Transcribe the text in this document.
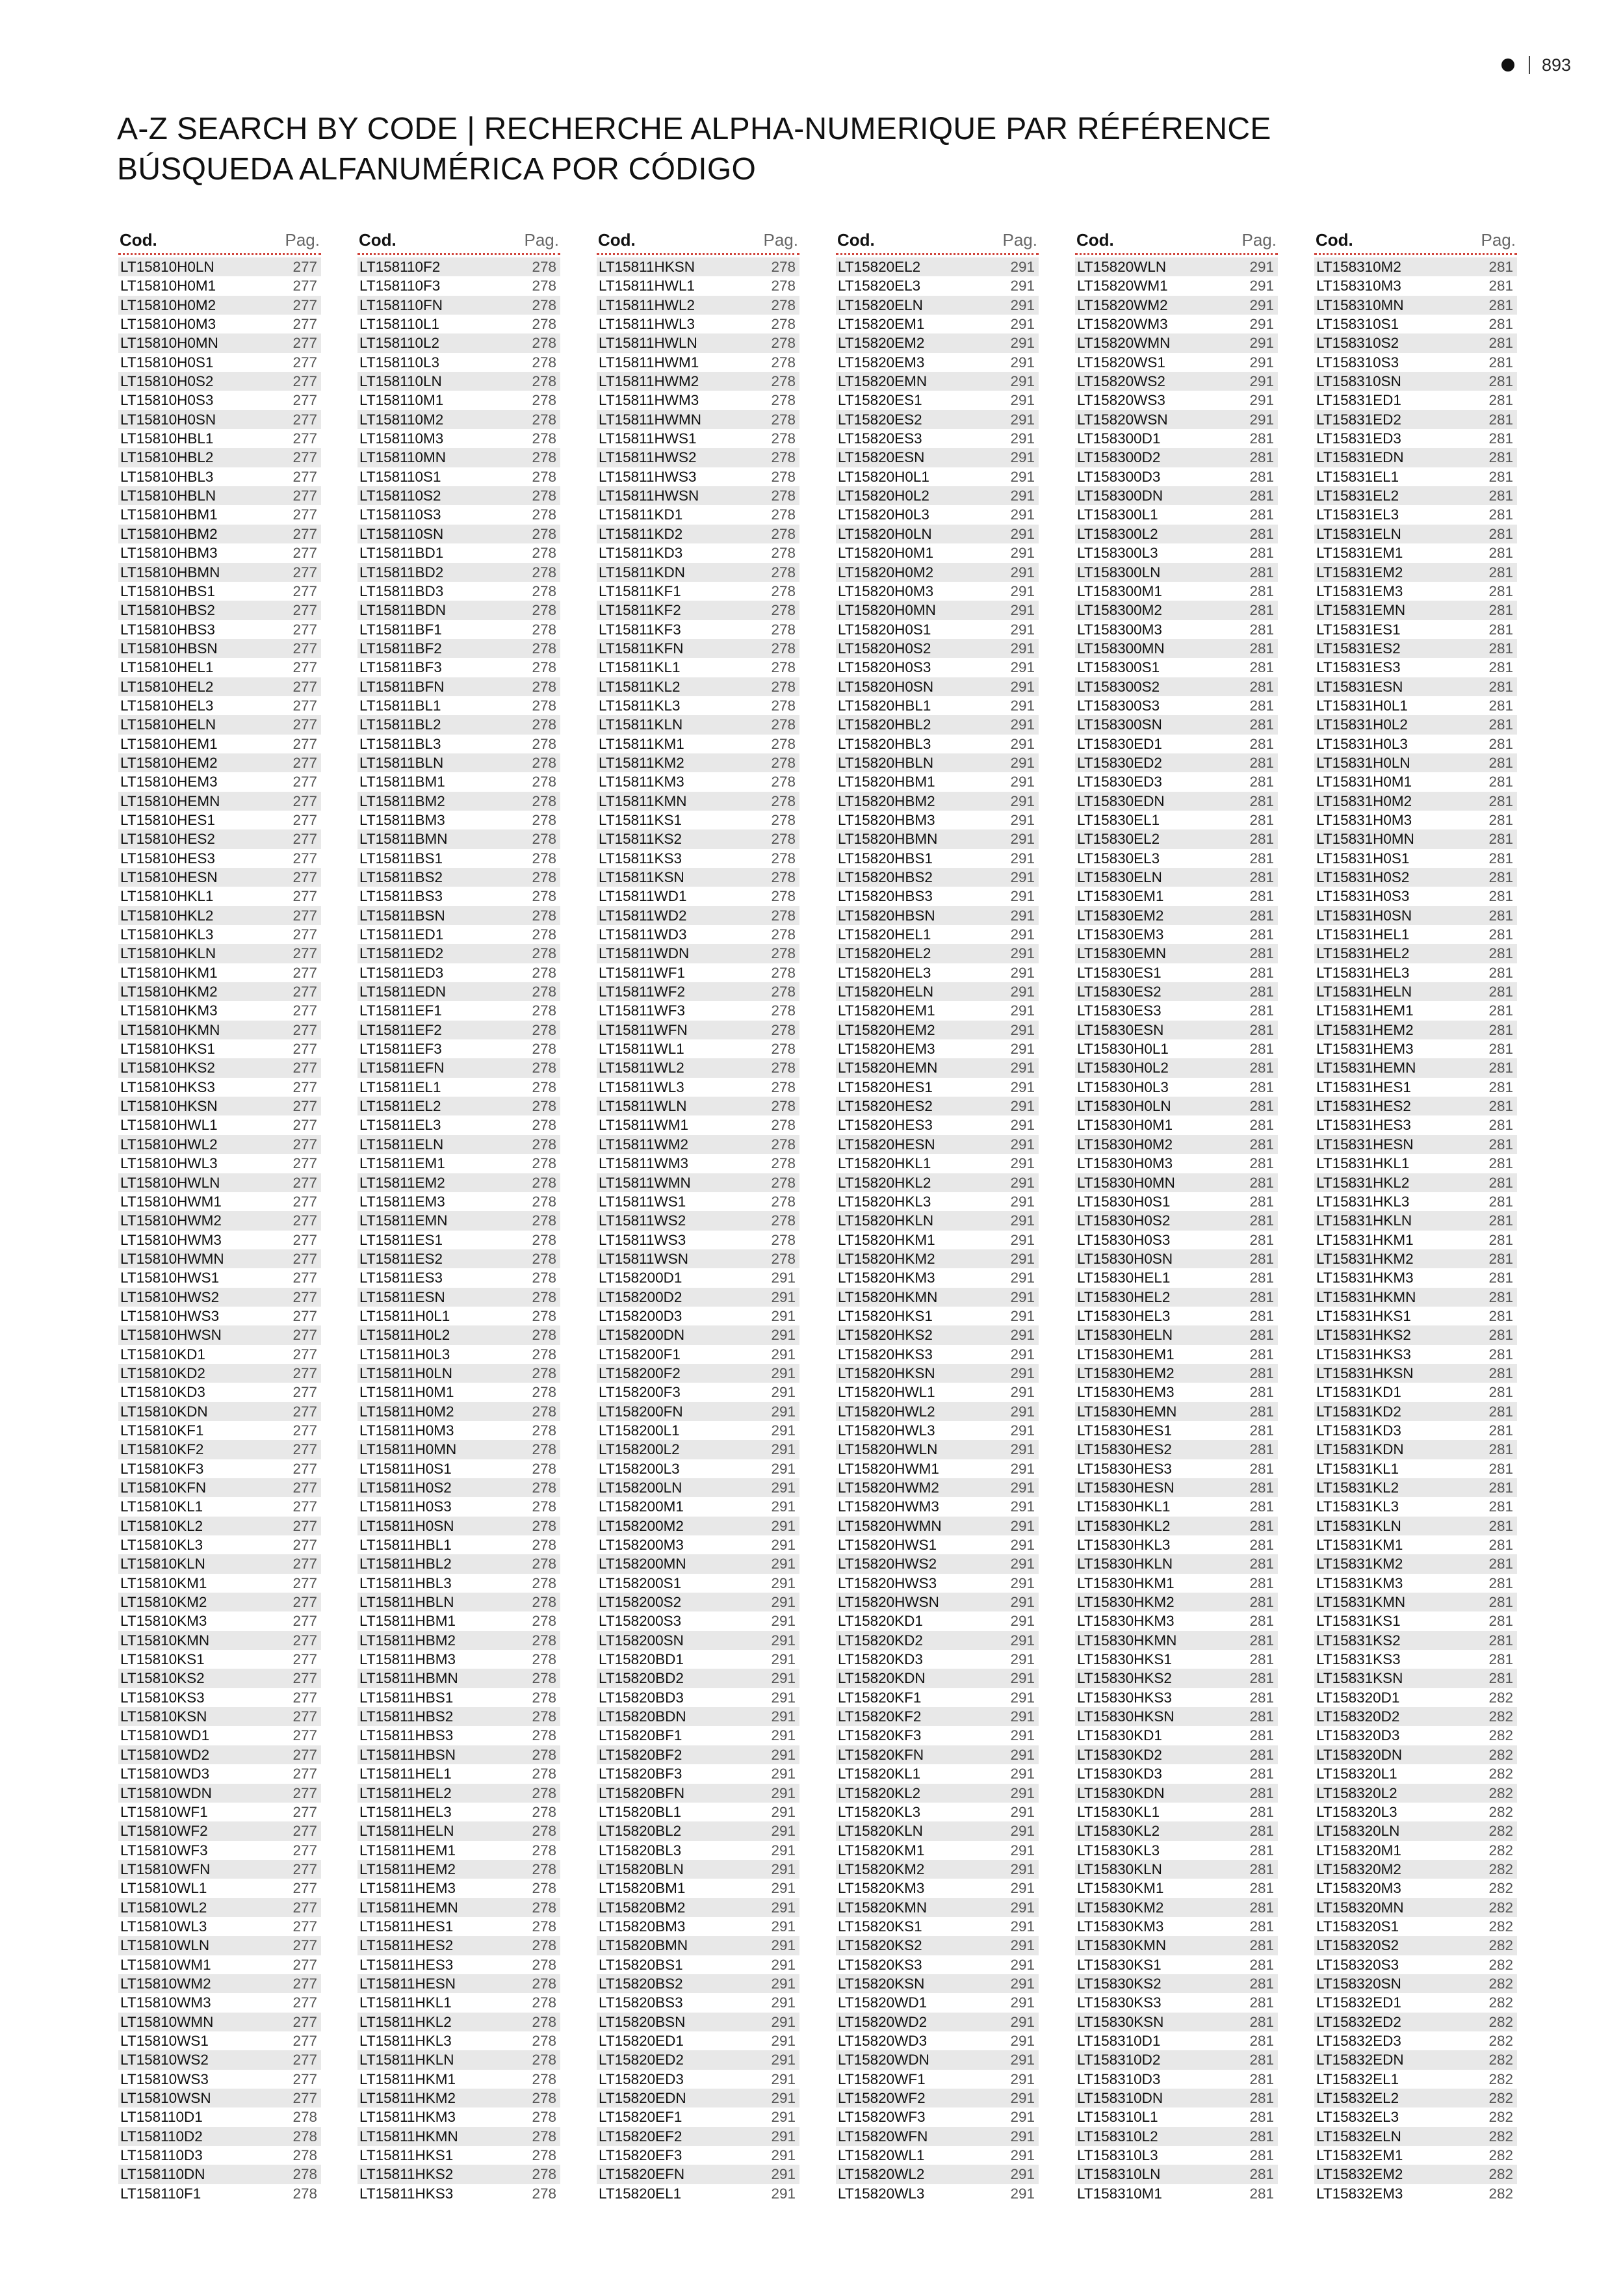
893
A-Z SEARCH BY CODE | RECHERCHE ALPHA-NUMERIQUE PAR RÉFÉRENCE
BÚSQUEDA ALFANUMÉRICA POR CÓDIGO
Cod.	Pag.
LT15810H0LN	277
LT15810H0M1	277
LT15810H0M2	277
LT15810H0M3	277
LT15810H0MN	277
LT15810H0S1	277
LT15810H0S2	277
LT15810H0S3	277
LT15810H0SN	277
LT15810HBL1	277
LT15810HBL2	277
LT15810HBL3	277
LT15810HBLN	277
LT15810HBM1	277
LT15810HBM2	277
LT15810HBM3	277
LT15810HBMN	277
LT15810HBS1	277
LT15810HBS2	277
LT15810HBS3	277
LT15810HBSN	277
LT15810HEL1	277
LT15810HEL2	277
LT15810HEL3	277
LT15810HELN	277
LT15810HEM1	277
LT15810HEM2	277
LT15810HEM3	277
LT15810HEMN	277
LT15810HES1	277
LT15810HES2	277
LT15810HES3	277
LT15810HESN	277
LT15810HKL1	277
LT15810HKL2	277
LT15810HKL3	277
LT15810HKLN	277
LT15810HKM1	277
LT15810HKM2	277
LT15810HKM3	277
LT15810HKMN	277
LT15810HKS1	277
LT15810HKS2	277
LT15810HKS3	277
LT15810HKSN	277
LT15810HWL1	277
LT15810HWL2	277
LT15810HWL3	277
LT15810HWLN	277
LT15810HWM1	277
LT15810HWM2	277
LT15810HWM3	277
LT15810HWMN	277
LT15810HWS1	277
LT15810HWS2	277
LT15810HWS3	277
LT15810HWSN	277
LT15810KD1	277
LT15810KD2	277
LT15810KD3	277
LT15810KDN	277
LT15810KF1	277
LT15810KF2	277
LT15810KF3	277
LT15810KFN	277
LT15810KL1	277
LT15810KL2	277
LT15810KL3	277
LT15810KLN	277
LT15810KM1	277
LT15810KM2	277
LT15810KM3	277
LT15810KMN	277
LT15810KS1	277
LT15810KS2	277
LT15810KS3	277
LT15810KSN	277
LT15810WD1	277
LT15810WD2	277
LT15810WD3	277
LT15810WDN	277
LT15810WF1	277
LT15810WF2	277
LT15810WF3	277
LT15810WFN	277
LT15810WL1	277
LT15810WL2	277
LT15810WL3	277
LT15810WLN	277
LT15810WM1	277
LT15810WM2	277
LT15810WM3	277
LT15810WMN	277
LT15810WS1	277
LT15810WS2	277
LT15810WS3	277
LT15810WSN	277
LT158110D1	278
LT158110D2	278
LT158110D3	278
LT158110DN	278
LT158110F1	278
Cod.	Pag.
LT158110F2	278
LT158110F3	278
LT158110FN	278
LT158110L1	278
LT158110L2	278
LT158110L3	278
LT158110LN	278
LT158110M1	278
LT158110M2	278
LT158110M3	278
LT158110MN	278
LT158110S1	278
LT158110S2	278
LT158110S3	278
LT158110SN	278
LT15811BD1	278
LT15811BD2	278
LT15811BD3	278
LT15811BDN	278
LT15811BF1	278
LT15811BF2	278
LT15811BF3	278
LT15811BFN	278
LT15811BL1	278
LT15811BL2	278
LT15811BL3	278
LT15811BLN	278
LT15811BM1	278
LT15811BM2	278
LT15811BM3	278
LT15811BMN	278
LT15811BS1	278
LT15811BS2	278
LT15811BS3	278
LT15811BSN	278
LT15811ED1	278
LT15811ED2	278
LT15811ED3	278
LT15811EDN	278
LT15811EF1	278
LT15811EF2	278
LT15811EF3	278
LT15811EFN	278
LT15811EL1	278
LT15811EL2	278
LT15811EL3	278
LT15811ELN	278
LT15811EM1	278
LT15811EM2	278
LT15811EM3	278
LT15811EMN	278
LT15811ES1	278
LT15811ES2	278
LT15811ES3	278
LT15811ESN	278
LT15811H0L1	278
LT15811H0L2	278
LT15811H0L3	278
LT15811H0LN	278
LT15811H0M1	278
LT15811H0M2	278
LT15811H0M3	278
LT15811H0MN	278
LT15811H0S1	278
LT15811H0S2	278
LT15811H0S3	278
LT15811H0SN	278
LT15811HBL1	278
LT15811HBL2	278
LT15811HBL3	278
LT15811HBLN	278
LT15811HBM1	278
LT15811HBM2	278
LT15811HBM3	278
LT15811HBMN	278
LT15811HBS1	278
LT15811HBS2	278
LT15811HBS3	278
LT15811HBSN	278
LT15811HEL1	278
LT15811HEL2	278
LT15811HEL3	278
LT15811HELN	278
LT15811HEM1	278
LT15811HEM2	278
LT15811HEM3	278
LT15811HEMN	278
LT15811HES1	278
LT15811HES2	278
LT15811HES3	278
LT15811HESN	278
LT15811HKL1	278
LT15811HKL2	278
LT15811HKL3	278
LT15811HKLN	278
LT15811HKM1	278
LT15811HKM2	278
LT15811HKM3	278
LT15811HKMN	278
LT15811HKS1	278
LT15811HKS2	278
LT15811HKS3	278
Cod.	Pag.
LT15811HKSN	278
LT15811HWL1	278
LT15811HWL2	278
LT15811HWL3	278
LT15811HWLN	278
LT15811HWM1	278
LT15811HWM2	278
LT15811HWM3	278
LT15811HWMN	278
LT15811HWS1	278
LT15811HWS2	278
LT15811HWS3	278
LT15811HWSN	278
LT15811KD1	278
LT15811KD2	278
LT15811KD3	278
LT15811KDN	278
LT15811KF1	278
LT15811KF2	278
LT15811KF3	278
LT15811KFN	278
LT15811KL1	278
LT15811KL2	278
LT15811KL3	278
LT15811KLN	278
LT15811KM1	278
LT15811KM2	278
LT15811KM3	278
LT15811KMN	278
LT15811KS1	278
LT15811KS2	278
LT15811KS3	278
LT15811KSN	278
LT15811WD1	278
LT15811WD2	278
LT15811WD3	278
LT15811WDN	278
LT15811WF1	278
LT15811WF2	278
LT15811WF3	278
LT15811WFN	278
LT15811WL1	278
LT15811WL2	278
LT15811WL3	278
LT15811WLN	278
LT15811WM1	278
LT15811WM2	278
LT15811WM3	278
LT15811WMN	278
LT15811WS1	278
LT15811WS2	278
LT15811WS3	278
LT15811WSN	278
LT158200D1	291
LT158200D2	291
LT158200D3	291
LT158200DN	291
LT158200F1	291
LT158200F2	291
LT158200F3	291
LT158200FN	291
LT158200L1	291
LT158200L2	291
LT158200L3	291
LT158200LN	291
LT158200M1	291
LT158200M2	291
LT158200M3	291
LT158200MN	291
LT158200S1	291
LT158200S2	291
LT158200S3	291
LT158200SN	291
LT15820BD1	291
LT15820BD2	291
LT15820BD3	291
LT15820BDN	291
LT15820BF1	291
LT15820BF2	291
LT15820BF3	291
LT15820BFN	291
LT15820BL1	291
LT15820BL2	291
LT15820BL3	291
LT15820BLN	291
LT15820BM1	291
LT15820BM2	291
LT15820BM3	291
LT15820BMN	291
LT15820BS1	291
LT15820BS2	291
LT15820BS3	291
LT15820BSN	291
LT15820ED1	291
LT15820ED2	291
LT15820ED3	291
LT15820EDN	291
LT15820EF1	291
LT15820EF2	291
LT15820EF3	291
LT15820EFN	291
LT15820EL1	291
Cod.	Pag.
LT15820EL2	291
LT15820EL3	291
LT15820ELN	291
LT15820EM1	291
LT15820EM2	291
LT15820EM3	291
LT15820EMN	291
LT15820ES1	291
LT15820ES2	291
LT15820ES3	291
LT15820ESN	291
LT15820H0L1	291
LT15820H0L2	291
LT15820H0L3	291
LT15820H0LN	291
LT15820H0M1	291
LT15820H0M2	291
LT15820H0M3	291
LT15820H0MN	291
LT15820H0S1	291
LT15820H0S2	291
LT15820H0S3	291
LT15820H0SN	291
LT15820HBL1	291
LT15820HBL2	291
LT15820HBL3	291
LT15820HBLN	291
LT15820HBM1	291
LT15820HBM2	291
LT15820HBM3	291
LT15820HBMN	291
LT15820HBS1	291
LT15820HBS2	291
LT15820HBS3	291
LT15820HBSN	291
LT15820HEL1	291
LT15820HEL2	291
LT15820HEL3	291
LT15820HELN	291
LT15820HEM1	291
LT15820HEM2	291
LT15820HEM3	291
LT15820HEMN	291
LT15820HES1	291
LT15820HES2	291
LT15820HES3	291
LT15820HESN	291
LT15820HKL1	291
LT15820HKL2	291
LT15820HKL3	291
LT15820HKLN	291
LT15820HKM1	291
LT15820HKM2	291
LT15820HKM3	291
LT15820HKMN	291
LT15820HKS1	291
LT15820HKS2	291
LT15820HKS3	291
LT15820HKSN	291
LT15820HWL1	291
LT15820HWL2	291
LT15820HWL3	291
LT15820HWLN	291
LT15820HWM1	291
LT15820HWM2	291
LT15820HWM3	291
LT15820HWMN	291
LT15820HWS1	291
LT15820HWS2	291
LT15820HWS3	291
LT15820HWSN	291
LT15820KD1	291
LT15820KD2	291
LT15820KD3	291
LT15820KDN	291
LT15820KF1	291
LT15820KF2	291
LT15820KF3	291
LT15820KFN	291
LT15820KL1	291
LT15820KL2	291
LT15820KL3	291
LT15820KLN	291
LT15820KM1	291
LT15820KM2	291
LT15820KM3	291
LT15820KMN	291
LT15820KS1	291
LT15820KS2	291
LT15820KS3	291
LT15820KSN	291
LT15820WD1	291
LT15820WD2	291
LT15820WD3	291
LT15820WDN	291
LT15820WF1	291
LT15820WF2	291
LT15820WF3	291
LT15820WFN	291
LT15820WL1	291
LT15820WL2	291
LT15820WL3	291
Cod.	Pag.
LT15820WLN	291
LT15820WM1	291
LT15820WM2	291
LT15820WM3	291
LT15820WMN	291
LT15820WS1	291
LT15820WS2	291
LT15820WS3	291
LT15820WSN	291
LT158300D1	281
LT158300D2	281
LT158300D3	281
LT158300DN	281
LT158300L1	281
LT158300L2	281
LT158300L3	281
LT158300LN	281
LT158300M1	281
LT158300M2	281
LT158300M3	281
LT158300MN	281
LT158300S1	281
LT158300S2	281
LT158300S3	281
LT158300SN	281
LT15830ED1	281
LT15830ED2	281
LT15830ED3	281
LT15830EDN	281
LT15830EL1	281
LT15830EL2	281
LT15830EL3	281
LT15830ELN	281
LT15830EM1	281
LT15830EM2	281
LT15830EM3	281
LT15830EMN	281
LT15830ES1	281
LT15830ES2	281
LT15830ES3	281
LT15830ESN	281
LT15830H0L1	281
LT15830H0L2	281
LT15830H0L3	281
LT15830H0LN	281
LT15830H0M1	281
LT15830H0M2	281
LT15830H0M3	281
LT15830H0MN	281
LT15830H0S1	281
LT15830H0S2	281
LT15830H0S3	281
LT15830H0SN	281
LT15830HEL1	281
LT15830HEL2	281
LT15830HEL3	281
LT15830HELN	281
LT15830HEM1	281
LT15830HEM2	281
LT15830HEM3	281
LT15830HEMN	281
LT15830HES1	281
LT15830HES2	281
LT15830HES3	281
LT15830HESN	281
LT15830HKL1	281
LT15830HKL2	281
LT15830HKL3	281
LT15830HKLN	281
LT15830HKM1	281
LT15830HKM2	281
LT15830HKM3	281
LT15830HKMN	281
LT15830HKS1	281
LT15830HKS2	281
LT15830HKS3	281
LT15830HKSN	281
LT15830KD1	281
LT15830KD2	281
LT15830KD3	281
LT15830KDN	281
LT15830KL1	281
LT15830KL2	281
LT15830KL3	281
LT15830KLN	281
LT15830KM1	281
LT15830KM2	281
LT15830KM3	281
LT15830KMN	281
LT15830KS1	281
LT15830KS2	281
LT15830KS3	281
LT15830KSN	281
LT158310D1	281
LT158310D2	281
LT158310D3	281
LT158310DN	281
LT158310L1	281
LT158310L2	281
LT158310L3	281
LT158310LN	281
LT158310M1	281
Cod.	Pag.
LT158310M2	281
LT158310M3	281
LT158310MN	281
LT158310S1	281
LT158310S2	281
LT158310S3	281
LT158310SN	281
LT15831ED1	281
LT15831ED2	281
LT15831ED3	281
LT15831EDN	281
LT15831EL1	281
LT15831EL2	281
LT15831EL3	281
LT15831ELN	281
LT15831EM1	281
LT15831EM2	281
LT15831EM3	281
LT15831EMN	281
LT15831ES1	281
LT15831ES2	281
LT15831ES3	281
LT15831ESN	281
LT15831H0L1	281
LT15831H0L2	281
LT15831H0L3	281
LT15831H0LN	281
LT15831H0M1	281
LT15831H0M2	281
LT15831H0M3	281
LT15831H0MN	281
LT15831H0S1	281
LT15831H0S2	281
LT15831H0S3	281
LT15831H0SN	281
LT15831HEL1	281
LT15831HEL2	281
LT15831HEL3	281
LT15831HELN	281
LT15831HEM1	281
LT15831HEM2	281
LT15831HEM3	281
LT15831HEMN	281
LT15831HES1	281
LT15831HES2	281
LT15831HES3	281
LT15831HESN	281
LT15831HKL1	281
LT15831HKL2	281
LT15831HKL3	281
LT15831HKLN	281
LT15831HKM1	281
LT15831HKM2	281
LT15831HKM3	281
LT15831HKMN	281
LT15831HKS1	281
LT15831HKS2	281
LT15831HKS3	281
LT15831HKSN	281
LT15831KD1	281
LT15831KD2	281
LT15831KD3	281
LT15831KDN	281
LT15831KL1	281
LT15831KL2	281
LT15831KL3	281
LT15831KLN	281
LT15831KM1	281
LT15831KM2	281
LT15831KM3	281
LT15831KMN	281
LT15831KS1	281
LT15831KS2	281
LT15831KS3	281
LT15831KSN	281
LT158320D1	282
LT158320D2	282
LT158320D3	282
LT158320DN	282
LT158320L1	282
LT158320L2	282
LT158320L3	282
LT158320LN	282
LT158320M1	282
LT158320M2	282
LT158320M3	282
LT158320MN	282
LT158320S1	282
LT158320S2	282
LT158320S3	282
LT158320SN	282
LT15832ED1	282
LT15832ED2	282
LT15832ED3	282
LT15832EDN	282
LT15832EL1	282
LT15832EL2	282
LT15832EL3	282
LT15832ELN	282
LT15832EM1	282
LT15832EM2	282
LT15832EM3	282
